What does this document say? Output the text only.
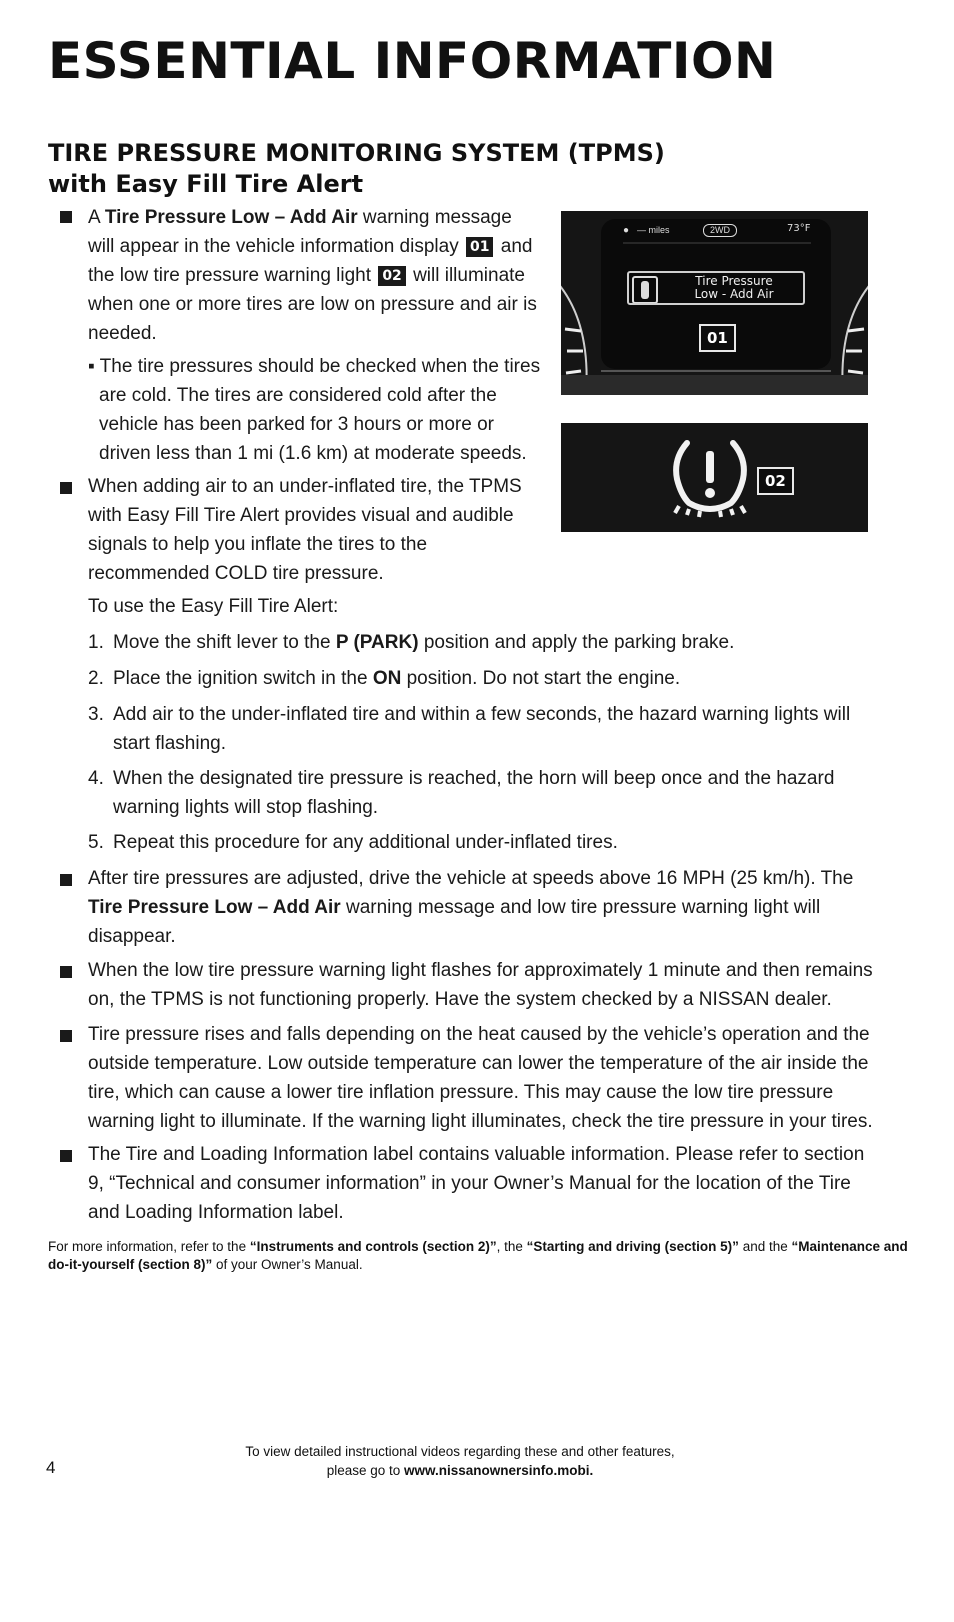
ESSENTIAL INFORMATION
TIRE PRESSURE MONITORING SYSTEM (TPMS)
with Easy Fill Tire Alert
A Tire Pressure Low – Add Air warning message will appear in the vehicle information display 01 and the low tire pressure warning light 02 will illuminate when one or more tires are low on pressure and air is needed.
▪ The tire pressures should be checked when the tires are cold. The tires are considered cold after the vehicle has been parked for 3 hours or more or driven less than 1 mi (1.6 km) at moderate speeds.
When adding air to an under-inflated tire, the TPMS with Easy Fill Tire Alert provides visual and audible signals to help you inflate the tires to the recommended COLD tire pressure.
To use the Easy Fill Tire Alert:
1. Move the shift lever to the P (PARK) position and apply the parking brake.
2. Place the ignition switch in the ON position. Do not start the engine.
3. Add air to the under-inflated tire and within a few seconds, the hazard warning lights will start flashing.
4. When the designated tire pressure is reached, the horn will beep once and the hazard warning lights will stop flashing.
5. Repeat this procedure for any additional under-inflated tires.
After tire pressures are adjusted, drive the vehicle at speeds above 16 MPH (25 km/h). The Tire Pressure Low – Add Air warning message and low tire pressure warning light will disappear.
When the low tire pressure warning light flashes for approximately 1 minute and then remains on, the TPMS is not functioning properly. Have the system checked by a NISSAN dealer.
Tire pressure rises and falls depending on the heat caused by the vehicle’s operation and the outside temperature. Low outside temperature can lower the temperature of the air inside the tire, which can cause a lower tire inflation pressure. This may cause the low tire pressure warning light to illuminate. If the warning light illuminates, check the tire pressure in your tires.
The Tire and Loading Information label contains valuable information. Please refer to section 9, “Technical and consumer information” in your Owner’s Manual for the location of the Tire and Loading Information label.

For more information, refer to the “Instruments and controls (section 2)”, the “Starting and driving (section 5)” and the “Maintenance and do-it-yourself (section 8)” of your Owner’s Manual.

● — miles	2WD	73°F
Tire Pressure
Low - Add Air
01
02
4
To view detailed instructional videos regarding these and other features,
please go to www.nissanownersinfo.mobi.
